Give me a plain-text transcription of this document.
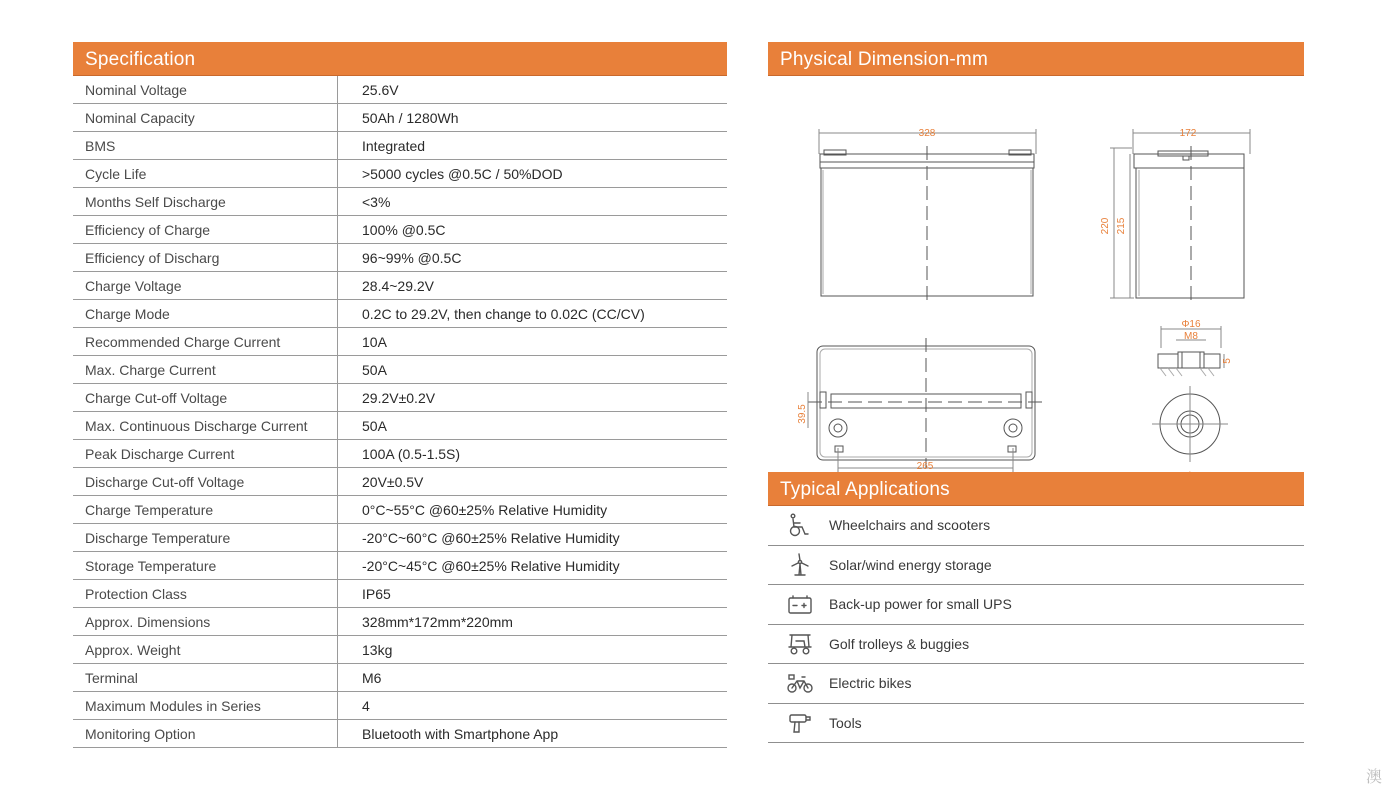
Specification
Nominal Voltage	25.6V
Nominal Capacity	50Ah / 1280Wh
BMS	Integrated
Cycle Life	>5000 cycles @0.5C / 50%DOD
Months Self Discharge	<3%
Efficiency of Charge	100% @0.5C
Efficiency of Discharg	96~99% @0.5C
Charge Voltage	28.4~29.2V
Charge Mode	0.2C to 29.2V, then change to 0.02C (CC/CV)
Recommended Charge Current	10A
Max. Charge Current	50A
Charge Cut-off Voltage	29.2V±0.2V
Max. Continuous Discharge Current	50A
Peak Discharge Current	100A (0.5-1.5S)
Discharge Cut-off Voltage	20V±0.5V
Charge Temperature	0°C~55°C @60±25% Relative Humidity
Discharge Temperature	-20°C~60°C @60±25% Relative Humidity
Storage Temperature	-20°C~45°C @60±25% Relative Humidity
Protection Class	IP65
Approx. Dimensions	328mm*172mm*220mm
Approx. Weight	13kg
Terminal	M6
Maximum Modules in Series	4
Monitoring Option	Bluetooth with Smartphone App
Physical Dimension-mm
328	172
220 215
39.5
265
Φ16
M8
5
Typical Applications
Wheelchairs and scooters
Solar/wind energy storage
Back-up power for small UPS
Golf trolleys & buggies
Electric bikes
Tools
澳
